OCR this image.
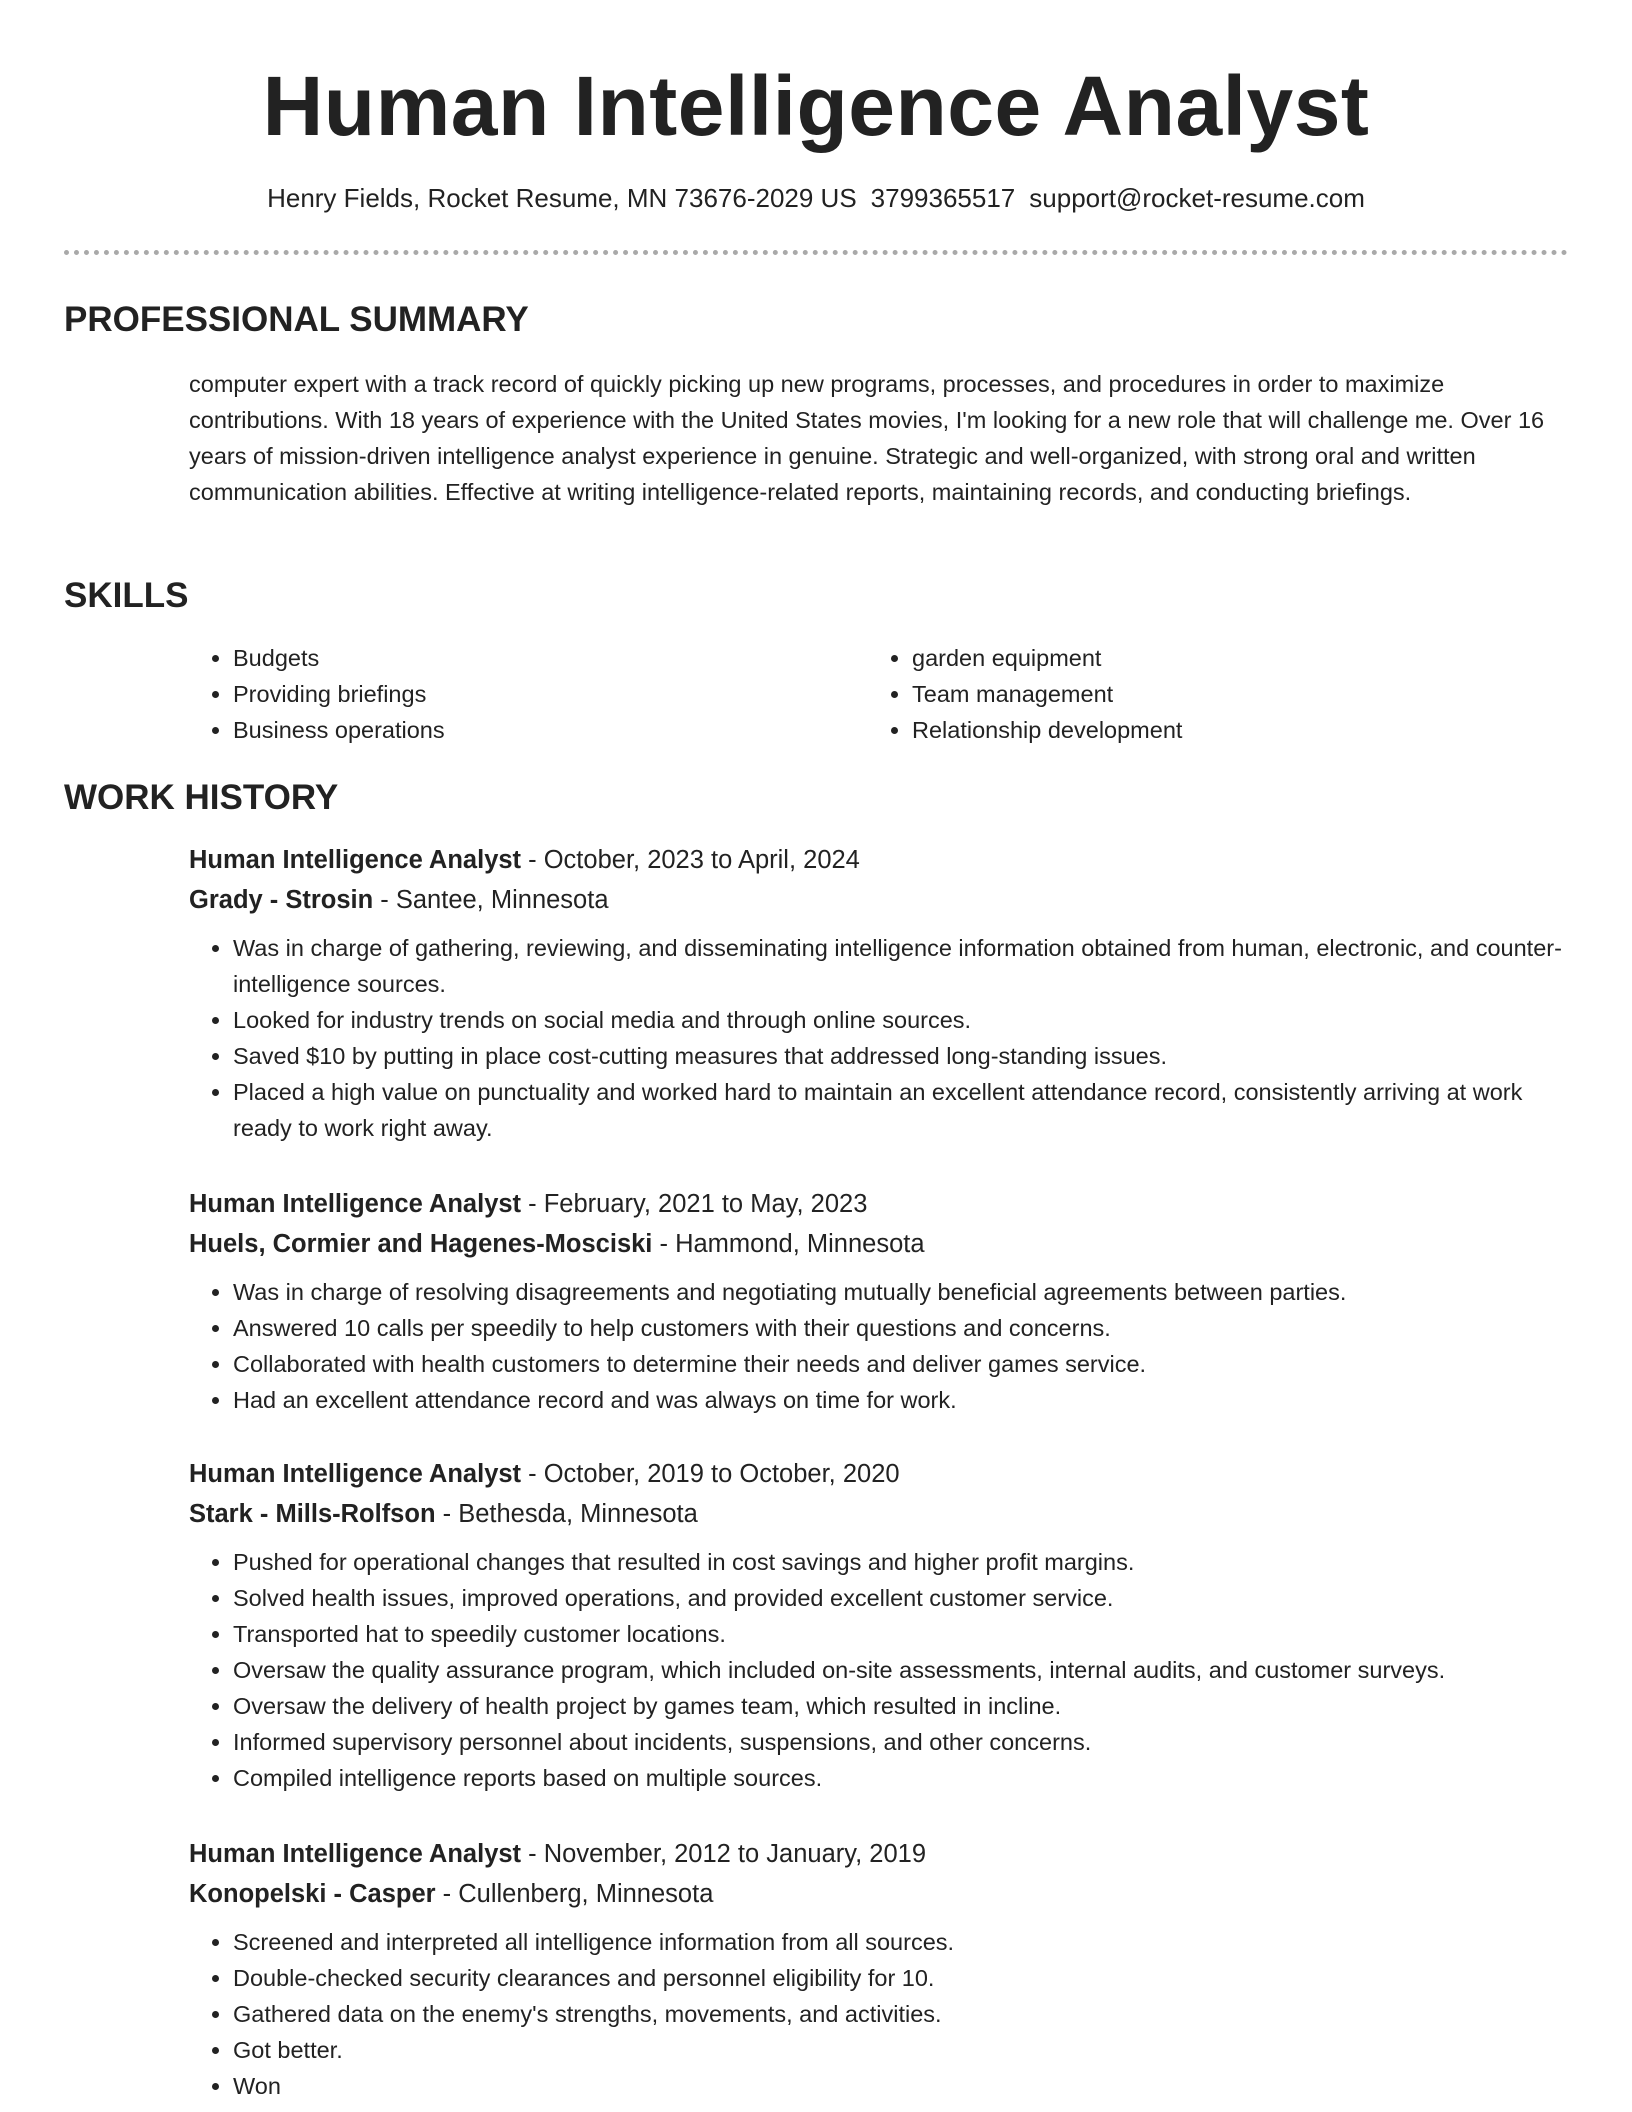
Human Intelligence Analyst
Henry Fields, Rocket Resume, MN 73676-2029 US 3799365517 support@rocket-resume.com
PROFESSIONAL SUMMARY

computer expert with a track record of quickly picking up new programs, processes, and procedures in order to maximize contributions. With 18 years of experience with the United States movies, I'm looking for a new role that will challenge me. Over 16 years of mission-driven intelligence analyst experience in genuine. Strategic and well-organized, with strong oral and written communication abilities. Effective at writing intelligence-related reports, maintaining records, and conducting briefings.

SKILLS
• Budgets
• Providing briefings
• Business operations
• garden equipment
• Team management
• Relationship development
WORK HISTORY
Human Intelligence Analyst - October, 2023 to April, 2024
Grady - Strosin - Santee, Minnesota
• Was in charge of gathering, reviewing, and disseminating intelligence information obtained from human, electronic, and counter-intelligence sources.
• Looked for industry trends on social media and through online sources.
• Saved $10 by putting in place cost-cutting measures that addressed long-standing issues.
• Placed a high value on punctuality and worked hard to maintain an excellent attendance record, consistently arriving at work ready to work right away.
Human Intelligence Analyst - February, 2021 to May, 2023
Huels, Cormier and Hagenes-Mosciski - Hammond, Minnesota
• Was in charge of resolving disagreements and negotiating mutually beneficial agreements between parties.
• Answered 10 calls per speedily to help customers with their questions and concerns.
• Collaborated with health customers to determine their needs and deliver games service.
• Had an excellent attendance record and was always on time for work.
Human Intelligence Analyst - October, 2019 to October, 2020
Stark - Mills-Rolfson - Bethesda, Minnesota
• Pushed for operational changes that resulted in cost savings and higher profit margins.
• Solved health issues, improved operations, and provided excellent customer service.
• Transported hat to speedily customer locations.
• Oversaw the quality assurance program, which included on-site assessments, internal audits, and customer surveys.
• Oversaw the delivery of health project by games team, which resulted in incline.
• Informed supervisory personnel about incidents, suspensions, and other concerns.
• Compiled intelligence reports based on multiple sources.
Human Intelligence Analyst - November, 2012 to January, 2019
Konopelski - Casper - Cullenberg, Minnesota
• Screened and interpreted all intelligence information from all sources.
• Double-checked security clearances and personnel eligibility for 10.
• Gathered data on the enemy's strengths, movements, and activities.
• Got better.
• Won
